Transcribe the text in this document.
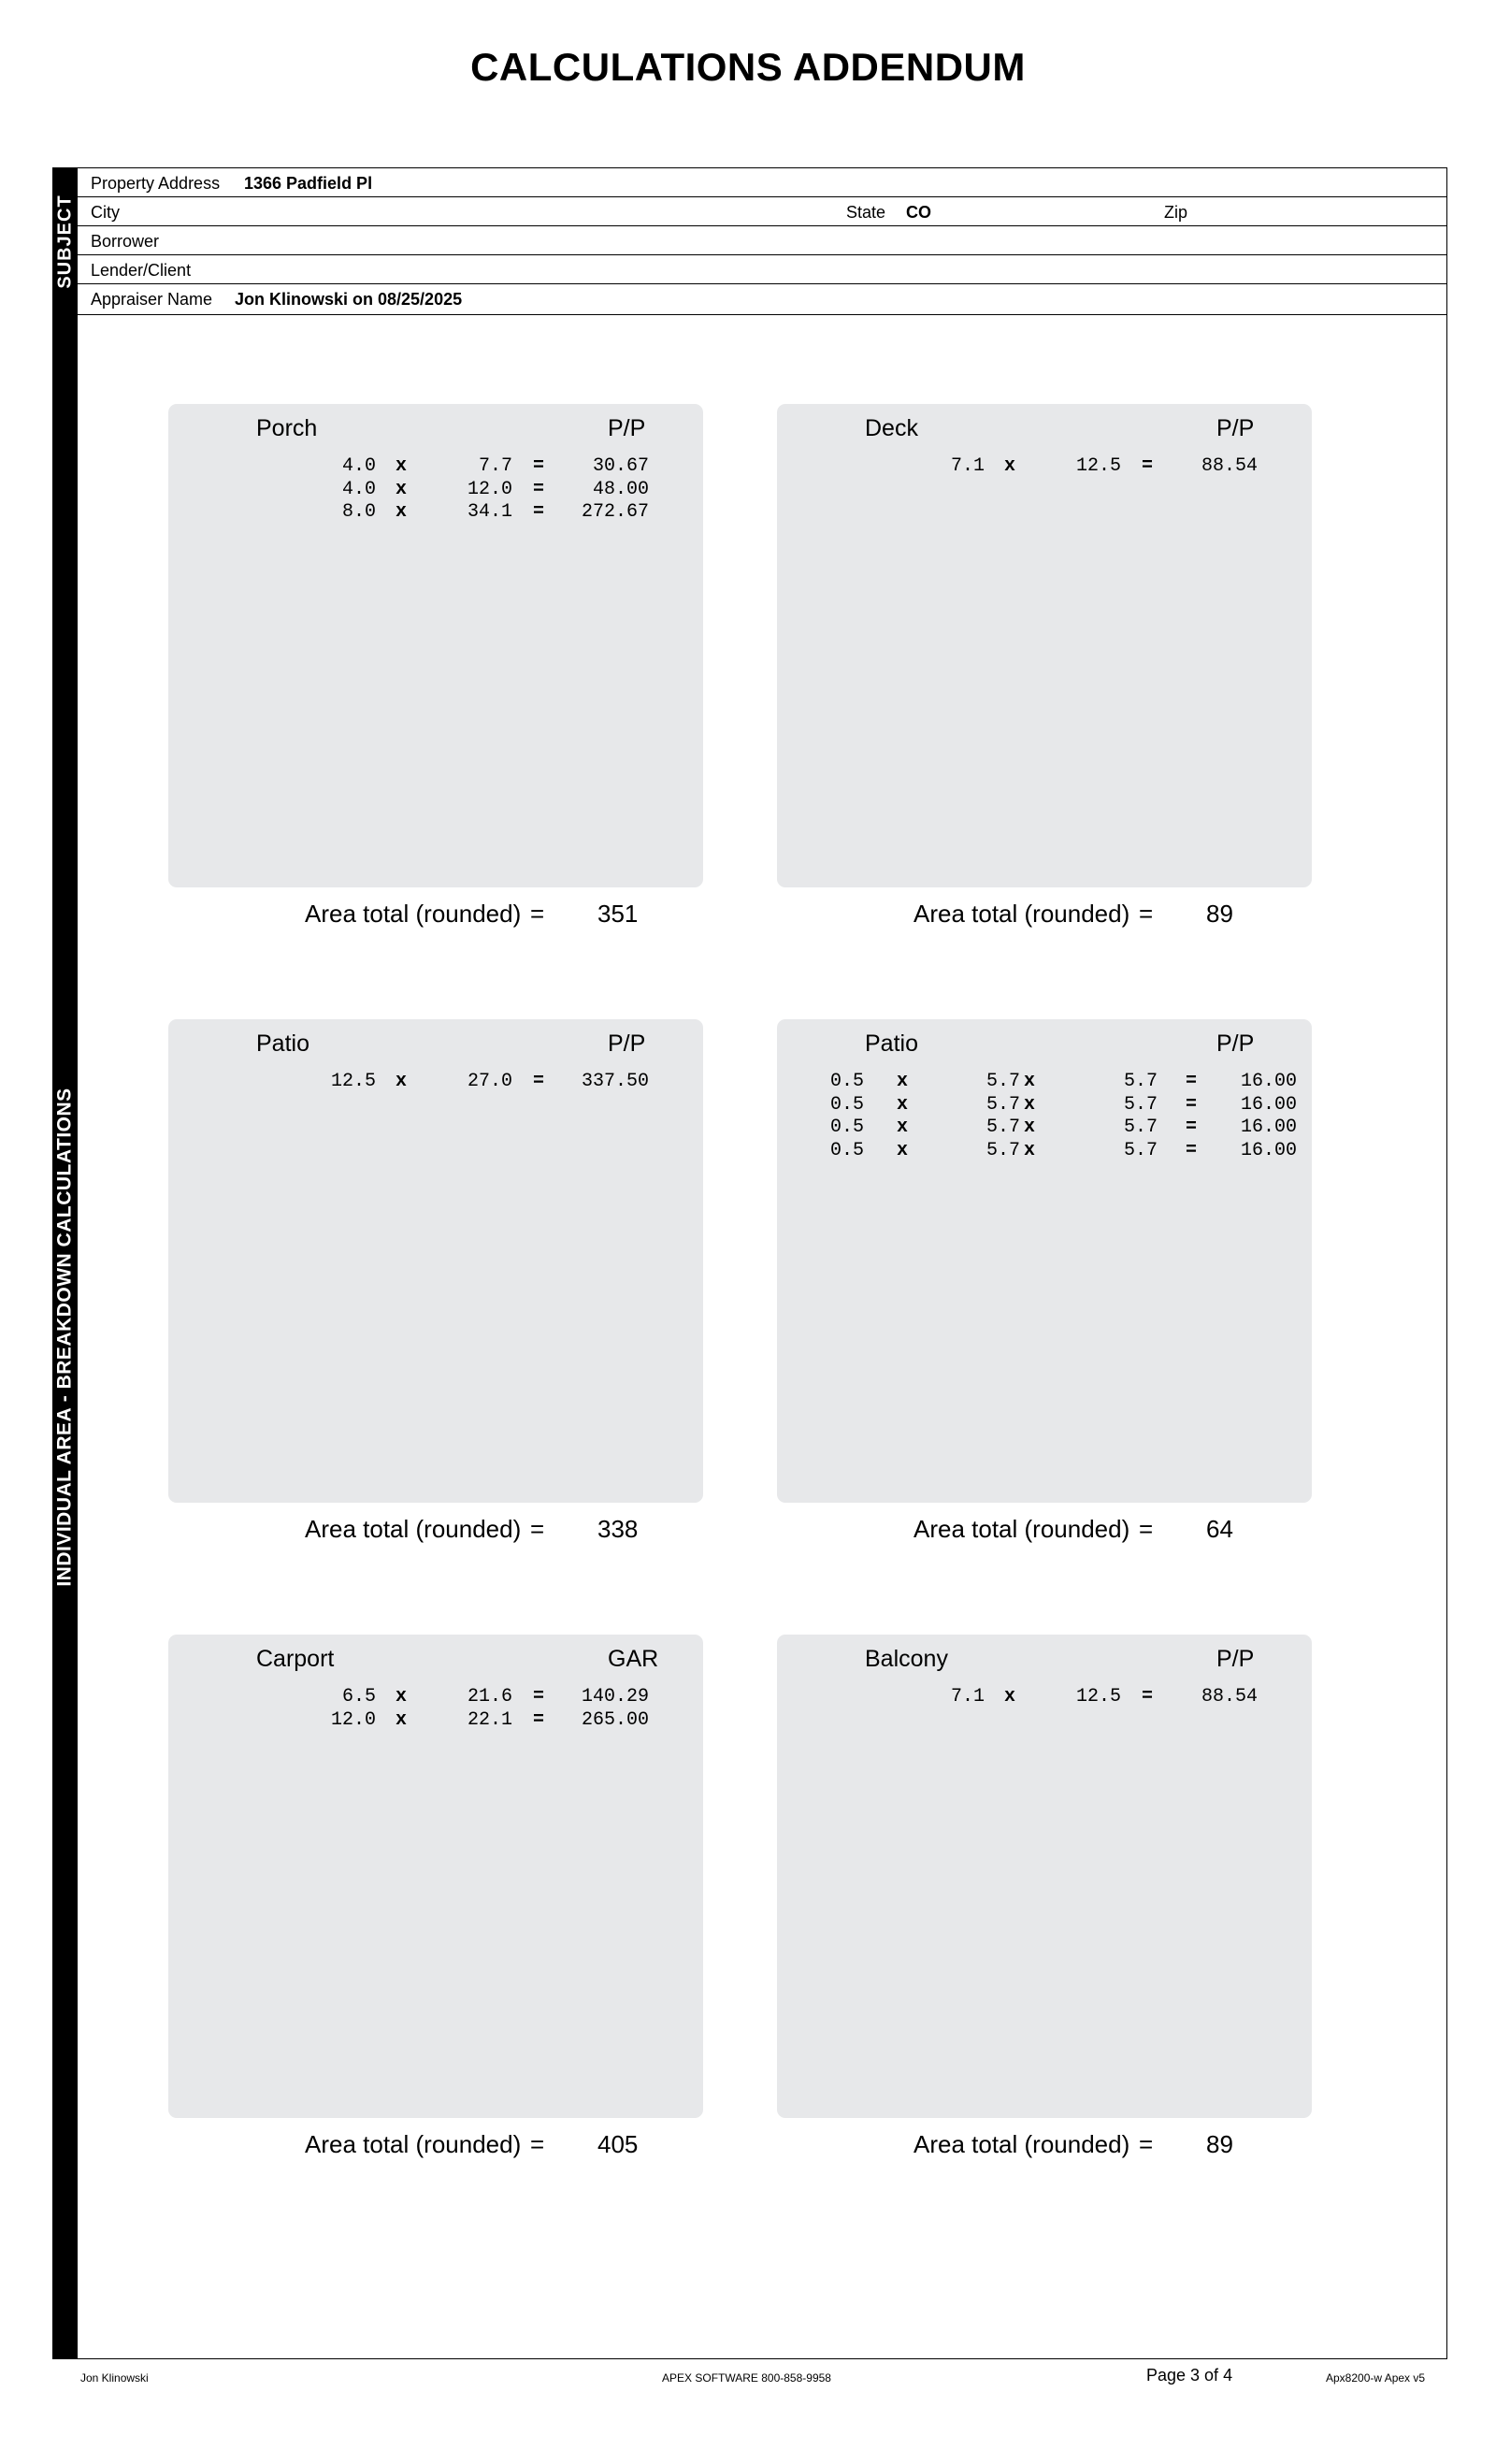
CALCULATIONS ADDENDUM
SUBJECT
Property Address 1366 Padfield Pl
City	State CO	Zip
Borrower
Lender/Client
Appraiser Name Jon Klinowski on 08/25/2025
INDIVIDUAL AREA - BREAKDOWN CALCULATIONS
Porch	P/P
4.0 x	7.7 =	30.67
4.0 x	12.0 =	48.00
8.0 x	34.1 = 272.67
Area total (rounded) = 351
Deck	P/P
7.1 x	12.5 =	88.54
Area total (rounded) = 89
Patio	P/P
12.5 x	27.0 = 337.50
Area total (rounded) = 338
Patio	P/P
0.5 x	5.7 x	5.7 = 16.00
0.5 x	5.7 x	5.7 = 16.00
0.5 x	5.7 x	5.7 = 16.00
0.5 x	5.7 x	5.7 = 16.00
Area total (rounded) = 64
Carport	GAR
6.5 x	21.6 = 140.29
12.0 x	22.1 = 265.00
Area total (rounded) = 405
Balcony	P/P
7.1 x	12.5 =	88.54
Area total (rounded) = 89
Jon Klinowski	APEX SOFTWARE 800-858-9958	Page 3 of 4	Apx8200-w Apex v5
